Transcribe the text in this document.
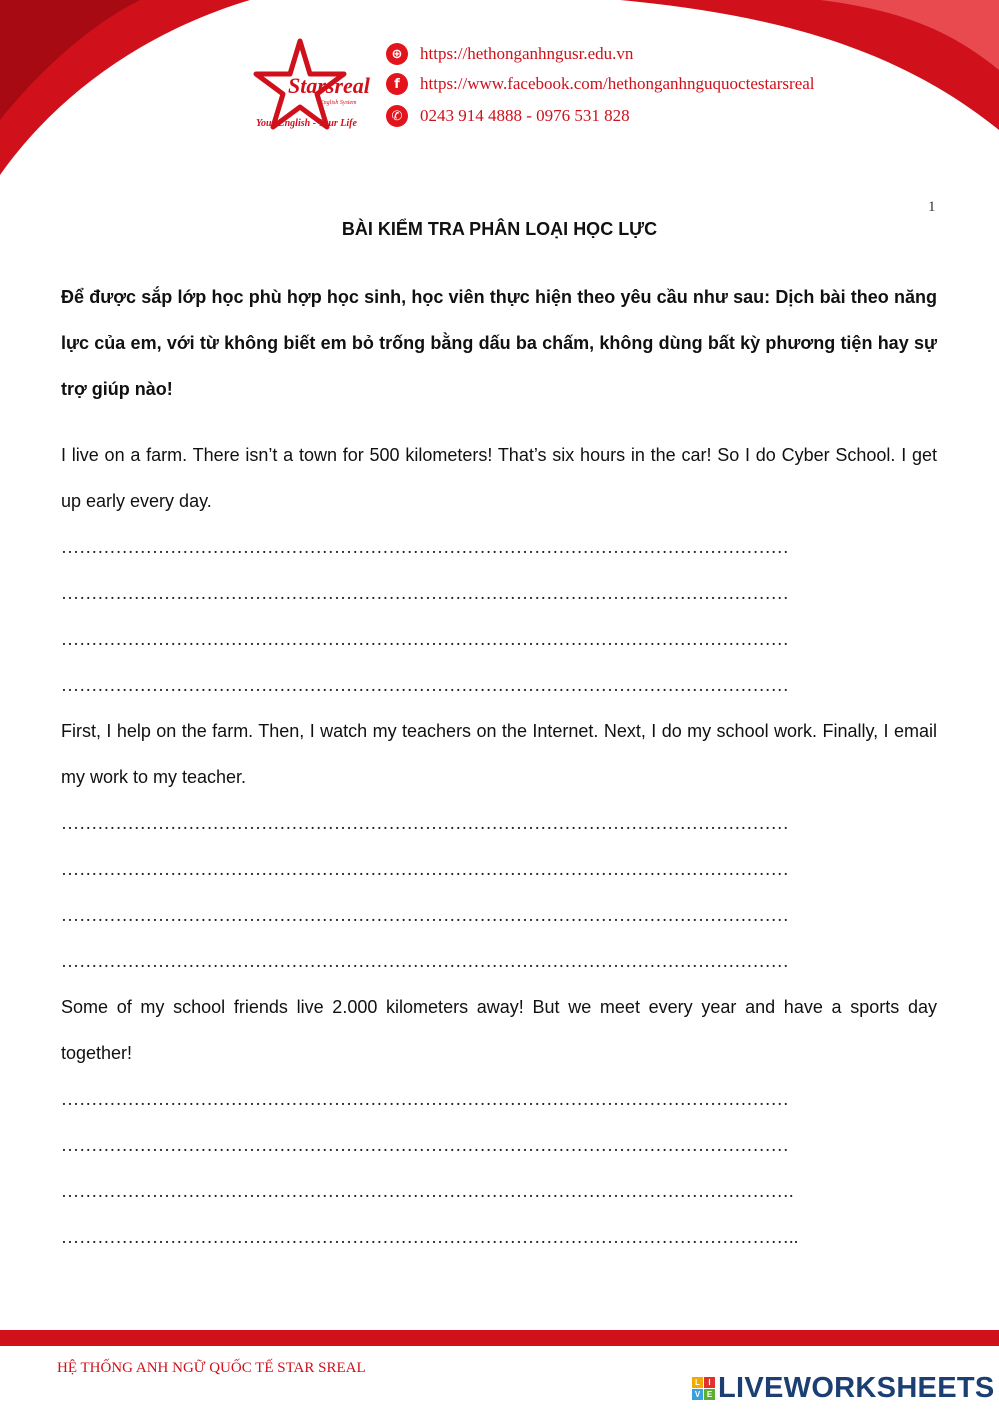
Starsreal
English System
Your English - Your Life
⊕	https://hethonganhngusr.edu.vn
f	https://www.facebook.com/hethonganhnguquoctestarsreal
✆	0243 914 4888 - 0976 531 828
1
BÀI KIỂM TRA PHÂN LOẠI HỌC LỰC

Để được sắp lớp học phù hợp học sinh, học viên thực hiện theo yêu cầu như sau: Dịch bài theo năng lực của em, với từ không biết em bỏ trống bằng dấu ba chấm, không dùng bất kỳ phương tiện hay sự trợ giúp nào!

I live on a farm. There isn’t a town for 500 kilometers! That’s six hours in the car! So I do Cyber School. I get up early every day.

…………………………………………………………………………………………………………
…………………………………………………………………………………………………………
…………………………………………………………………………………………………………
…………………………………………………………………………………………………………

First, I help on the farm. Then, I watch my teachers on the Internet. Next, I do my school work. Finally, I email my work to my teacher.

…………………………………………………………………………………………………………
…………………………………………………………………………………………………………
…………………………………………………………………………………………………………
…………………………………………………………………………………………………………

Some of my school friends live 2.000 kilometers away! But we meet every year and have a sports day together!

…………………………………………………………………………………………………………
…………………………………………………………………………………………………………
………………………………………………………………………………………………………….
…………………………………………………………………………………………………………..
HỆ THỐNG ANH NGỮ QUỐC TẾ STAR SREAL
L	I
V E LIVEWORKSHEETS
